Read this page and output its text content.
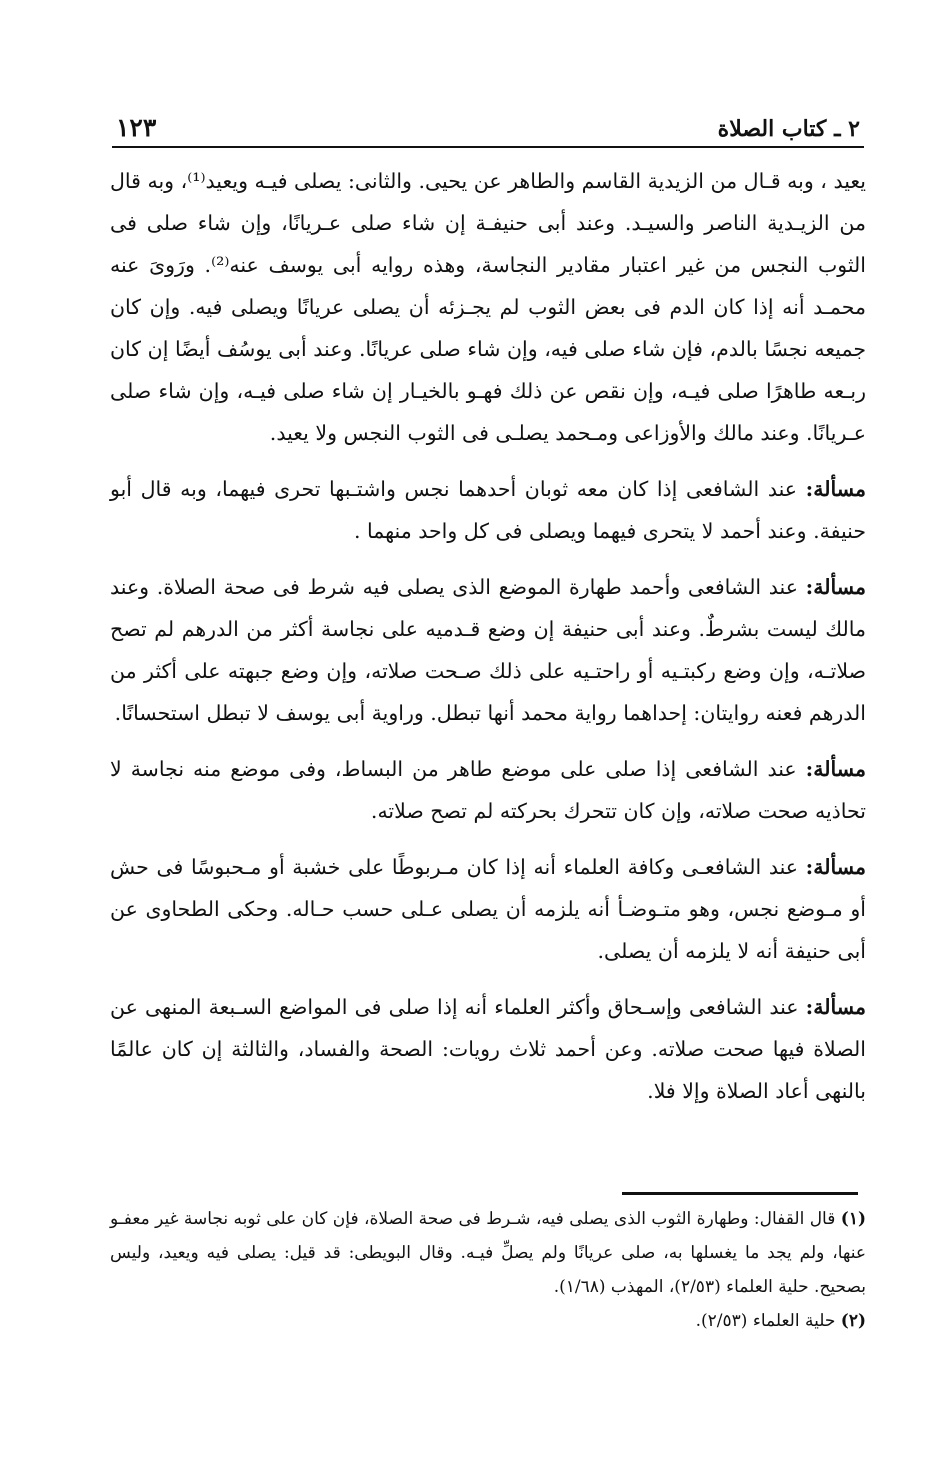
٢ ـ كتاب الصلاة
١٢٣

يعيد ، وبه قـال من الزيدية القاسم والطاهر عن يحيى. والثانى: يصلى فيـه ويعيد⁽¹⁾، وبه قال من الزيـدية الناصر والسيـد. وعند أبى حنيفـة إن شاء صلى عـريانًا، وإن شاء صلى فى الثوب النجس من غير اعتبار مقادير النجاسة، وهذه روايه أبى يوسف عنه⁽²⁾. ورَوىَ عنه محمـد أنه إذا كان الدم فى بعض الثوب لم يجـزئه أن يصلى عريانًا ويصلى فيه. وإن كان جميعه نجسًا بالدم، فإن شاء صلى فيه، وإن شاء صلى عريانًا. وعند أبى يوسُف أيضًا إن كان ربـعه طاهرًا صلى فيـه، وإن نقص عن ذلك فهـو بالخيـار إن شاء صلى فيـه، وإن شاء صلى عـريانًا. وعند مالك والأوزاعى ومـحمد يصلـى فى الثوب النجس ولا يعيد.

مسألة: عند الشافعى إذا كان معه ثوبان أحدهما نجس واشتـبها تحرى فيهما، وبه قال أبو حنيفة. وعند أحمد لا يتحرى فيهما ويصلى فى كل واحد منهما .

مسألة: عند الشافعى وأحمد طهارة الموضع الذى يصلى فيه شرط فى صحة الصلاة. وعند مالك ليست بشرطٌ. وعند أبى حنيفة إن وضع قـدميه على نجاسة أكثر من الدرهم لم تصح صلاتـه، وإن وضع ركبتـيه أو راحتـيه على ذلك صـحت صلاته، وإن وضع جبهته على أكثر من الدرهم فعنه روايتان: إحداهما رواية محمد أنها تبطل. وراوية أبى يوسف لا تبطل استحسانًا.

مسألة: عند الشافعى إذا صلى على موضع طاهر من البساط، وفى موضع منه نجاسة لا تحاذيه صحت صلاته، وإن كان تتحرك بحركته لم تصح صلاته.

مسألة: عند الشافعـى وكافة العلماء أنه إذا كان مـربوطًا على خشبة أو مـحبوسًا فى حش أو مـوضع نجس، وهو متـوضـأ أنه يلزمه أن يصلى عـلى حسب حـاله. وحكى الطحاوى عن أبى حنيفة أنه لا يلزمه أن يصلى.

مسألة: عند الشافعى وإسـحاق وأكثر العلماء أنه إذا صلى فى المواضع السـبعة المنهى عن الصلاة فيها صحت صلاته. وعن أحمد ثلاث رويات: الصحة والفساد، والثالثة إن كان عالمًا بالنهى أعاد الصلاة وإلا فلا.

(١) قال القفال: وطهارة الثوب الذى يصلى فيه، شـرط فى صحة الصلاة، فإن كان على ثوبه نجاسة غير معفـو عنها، ولم يجد ما يغسلها به، صلى عريانًا ولم يصلِّ فيـه. وقال البويطى: قد قيل: يصلى فيه ويعيد، وليس بصحيح. حلية العلماء (٢/٥٣)، المهذب (١/٦٨).

(٢) حلية العلماء (٢/٥٣).
